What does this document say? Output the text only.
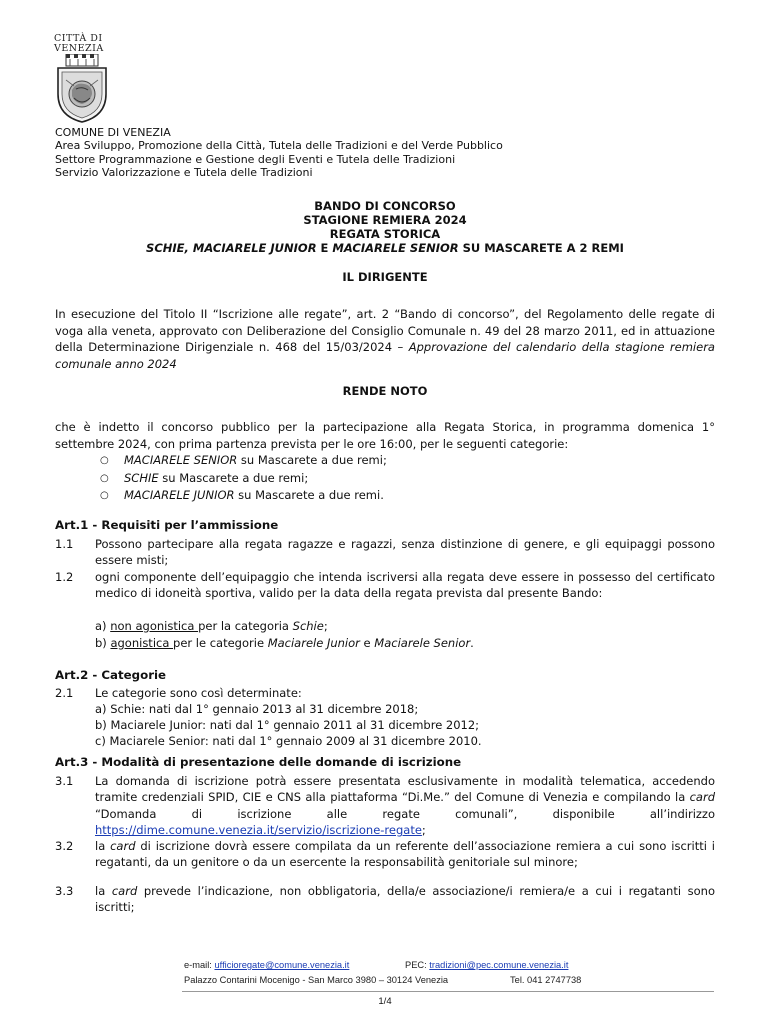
CITTÀ DI
VENEZIA
COMUNE DI VENEZIA
Area Sviluppo, Promozione della Città, Tutela delle Tradizioni e del Verde Pubblico
Settore Programmazione e Gestione degli Eventi e Tutela delle Tradizioni
Servizio Valorizzazione e Tutela delle Tradizioni
BANDO DI CONCORSO
STAGIONE REMIERA 2024
REGATA STORICA
SCHIE, MACIARELE JUNIOR E MACIARELE SENIOR SU MASCARETE A 2 REMI
IL DIRIGENTE
In esecuzione del Titolo II “Iscrizione alle regate”, art. 2 “Bando di concorso”, del Regolamento delle regate di voga alla veneta, approvato con Deliberazione del Consiglio Comunale n. 49 del 28 marzo 2011, ed in attuazione della Determinazione Dirigenziale n. 468 del 15/03/2024 – Approvazione del calendario della stagione remiera comunale anno 2024
RENDE NOTO
che è indetto il concorso pubblico per la partecipazione alla Regata Storica, in programma domenica 1° settembre 2024, con prima partenza prevista per le ore 16:00, per le seguenti categorie:
○	MACIARELE SENIOR su Mascarete a due remi;
○	SCHIE su Mascarete a due remi;
○	MACIARELE JUNIOR su Mascarete a due remi.
Art.1 - Requisiti per l’ammissione
1.1	Possono partecipare alla regata ragazze e ragazzi, senza distinzione di genere, e gli equipaggi possono essere misti;
1.2	ogni componente dell’equipaggio che intenda iscriversi alla regata deve essere in possesso del certificato medico di idoneità sportiva, valido per la data della regata prevista dal presente Bando:
a) non agonistica per la categoria Schie;
b) agonistica per le categorie Maciarele Junior e Maciarele Senior.
Art.2 - Categorie
2.1	Le categorie sono così determinate:
a) Schie: nati dal 1° gennaio 2013 al 31 dicembre 2018;
b) Maciarele Junior: nati dal 1° gennaio 2011 al 31 dicembre 2012;
c) Maciarele Senior: nati dal 1° gennaio 2009 al 31 dicembre 2010.
Art.3 - Modalità di presentazione delle domande di iscrizione
3.1	La domanda di iscrizione potrà essere presentata esclusivamente in modalità telematica, accedendo tramite credenziali SPID, CIE e CNS alla piattaforma “Di.Me.” del Comune di Venezia e compilando la card “Domanda di iscrizione alle regate comunali”, disponibile all’indirizzo https://dime.comune.venezia.it/servizio/iscrizione-regate;
3.2	la card di iscrizione dovrà essere compilata da un referente dell’associazione remiera a cui sono iscritti i regatanti, da un genitore o da un esercente la responsabilità genitoriale sul minore;
3.3	la card prevede l’indicazione, non obbligatoria, della/e associazione/i remiera/e a cui i regatanti sono iscritti;
e-mail: ufficioregate@comune.venezia.it	PEC: tradizioni@pec.comune.venezia.it
Palazzo Contarini Mocenigo - San Marco 3980 – 30124 Venezia	Tel. 041 2747738
1/4
